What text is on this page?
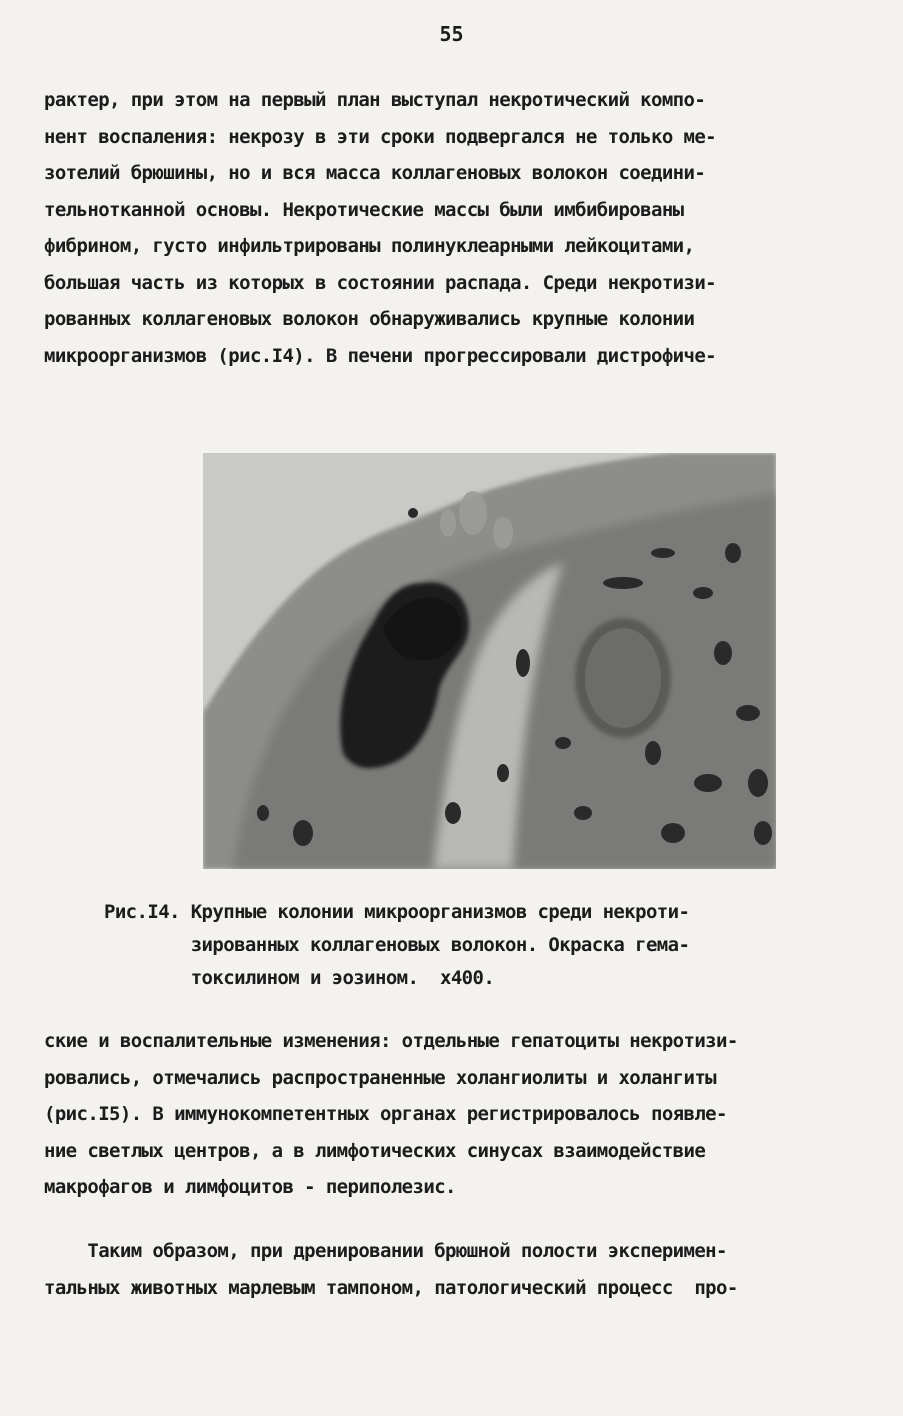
55
рактер, при этом на первый план выступал некротический компо-
нент воспаления: некрозу в эти сроки подвергался не только ме-
зотелий брюшины, но и вся масса коллагеновых волокон соедини-
тельнотканной основы. Некротические массы были имбибированы
фибрином, густо инфильтрированы полинуклеарными лейкоцитами,
большая часть из которых в состоянии распада. Среди некротизи-
рованных коллагеновых волокон обнаруживались крупные колонии
микроорганизмов (рис.I4). В печени прогрессировали дистрофиче-
Рис.I4. Крупные колонии микроорганизмов среди некроти-
зированных коллагеновых волокон. Окраска гема-
токсилином и эозином.  х400.
ские и воспалительные изменения: отдельные гепатоциты некротизи-
ровались, отмечались распространенные холангиолиты и холангиты
(рис.I5). В иммунокомпетентных органах регистрировалось появле-
ние светлых центров, а в лимфотических синусах взаимодействие
макрофагов и лимфоцитов - периполезис.
Таким образом, при дренировании брюшной полости эксперимен-
тальных животных марлевым тампоном, патологический процесс  про-
